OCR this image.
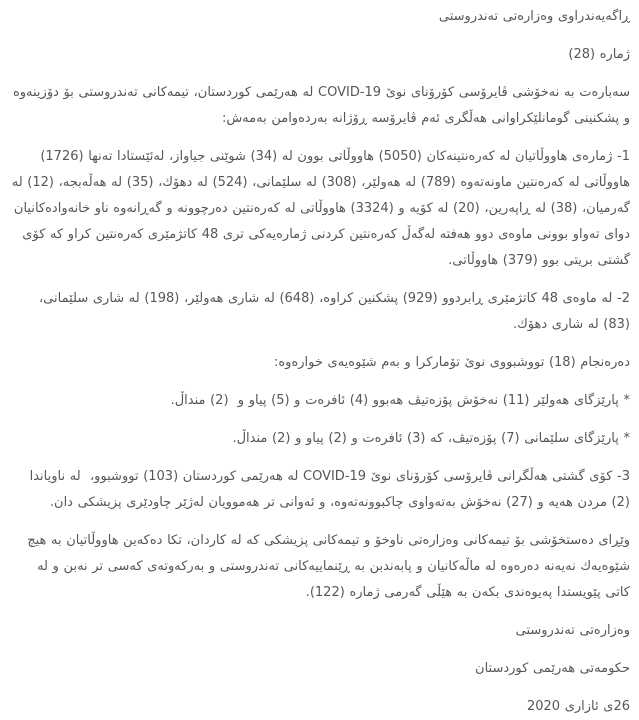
ڕاگەیەندراوی وەزارەتی تەندروستی

ژمارە (28)

سەبارەت بە نەخۆشی ڤایرۆسی کۆرۆنای نوێ COVID-19 لە هەرێمی کوردستان، تیمەکانی تەندروستی بۆ دۆزینەوە و پشکنینی گومانلێکراوانی هەڵگری ئەم ڤایرۆسە ڕۆژانە بەردەوامن بەمەش:

1- ژمارەی هاووڵاتیان لە کەرەنتینەکان (5050) هاووڵاتی بوون لە (34) شوێنی جیاواز، لەئێستادا تەنها (1726) هاووڵاتی لە کەرەنتین ماونەتەوە (789) لە هەولێر، (308) لە سلێمانی، (524) لە دهۆك، (35) لە هەڵەبجە، (12) لە گەرمیان، (38) لە ڕاپەرین، (20) لە کۆیە و (3324) هاووڵاتی لە کەرەنتین دەرچوونە و گەڕانەوە ناو خانەوادەکانیان دوای تەواو بوونی ماوەی دوو هەفتە لەگەڵ کەرەنتین کردنی ژمارەیەکی تری 48 کاتژمێری کەرەنتین کراو کە کۆی گشتی بریتی بوو (379) هاووڵاتی.

2- لە ماوەی 48 کاتژمێری ڕابردوو (929) پشکنین کراوە، (648) لە شاری هەولێر، (198) لە شاری سلێمانی، (83) لە شاری دهۆك.

دەرەنجام (18) تووشبووی نوێ تۆمارکرا و بەم شێوەیەی خوارەوە:

* پارێزگای هەولێر (11) نەخۆش پۆزەتیڤ هەبوو (4) ئافرەت و (5) پیاو و  (2) منداڵ.

* پارێزگای سلێمانی (7) پۆزەتیڤ، کە (3) ئافرەت و (2) پیاو و (2) منداڵ.

3- کۆی گشتی هەڵگرانی ڤایرۆسی کۆرۆنای نوێ COVID-19 لە هەرێمی کوردستان (103) تووشبوو،  لە ناویاندا (2) مردن هەیە و (27) نەخۆش بەتەواوی چاکبوونەتەوە، و ئەوانی تر هەموویان لەژێر چاودێری پزیشکی دان.

وێڕای دەستخۆشی بۆ تیمەکانی وەزارەتی ناوخۆ و تیمەکانی پزیشکی کە لە کاردان، تکا دەکەین هاووڵاتیان بە هیچ شێوەیەك نەیەنە دەرەوە لە ماڵەکانیان و پابەندبن بە ڕێنماییەکانی تەندروستی و بەرکەوتەی کەسی تر نەبن و لە کاتی پێویستدا پەیوەندی بکەن بە هێڵی گەرمی ژمارە (122).

وەزارەتی تەندروستی

حکومەتی هەرێمی کوردستان

26ی ئازاری 2020
